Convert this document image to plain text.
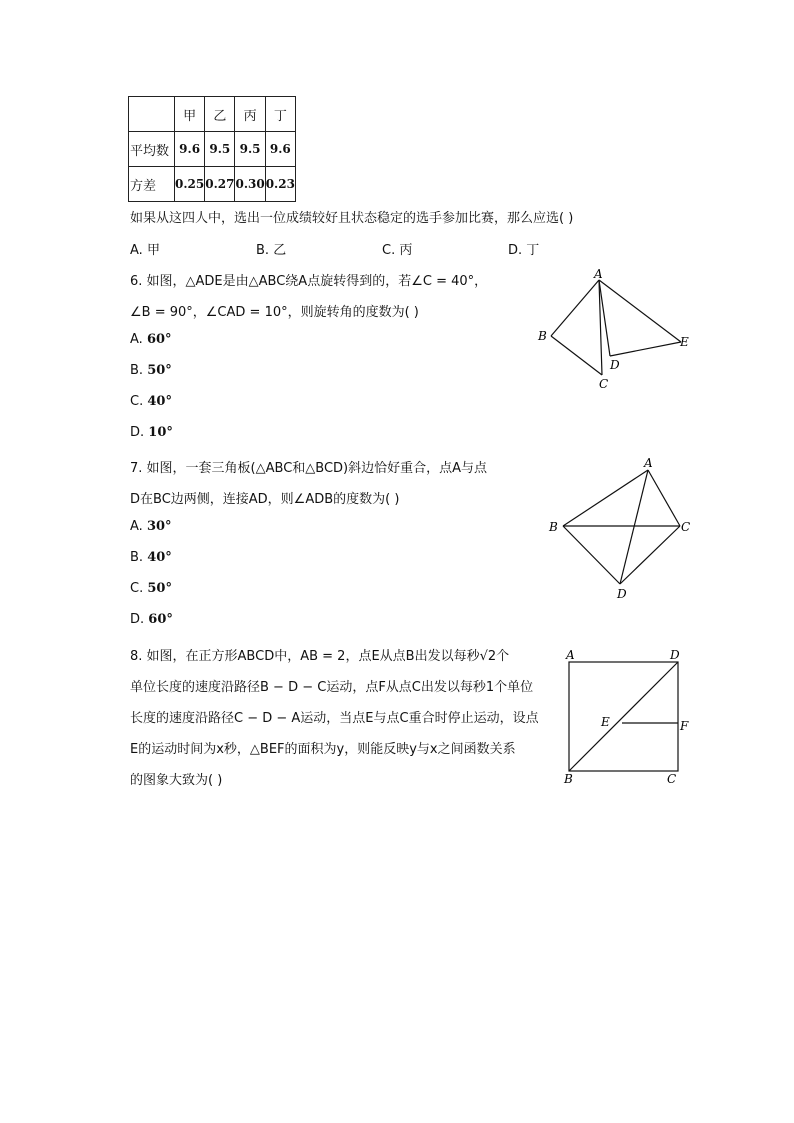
	甲	乙	丙	丁
平均数	9.6	9.5	9.5	9.6
方差	0.25	0.27	0.30	0.23
如果从这四人中，选出一位成绩较好且状态稳定的选手参加比赛，那么应选( )
A. 甲	B. 乙	C. 丙	D. 丁
6. 如图，△ADE是由△ABC绕A点旋转得到的，若∠C = 40°，
∠B = 90°，∠CAD = 10°，则旋转角的度数为( )
A. 60°
B. 50°
C. 40°
D. 10°
A
B
C
D
E
7. 如图，一套三角板(△ABC和△BCD)斜边恰好重合，点A与点
D在BC边两侧，连接AD，则∠ADB的度数为( )
A. 30°
B. 40°
C. 50°
D. 60°
A
B	C
D
8. 如图，在正方形ABCD中，AB = 2，点E从点B出发以每秒√2个
单位长度的速度沿路径B − D − C运动，点F从点C出发以每秒1个单位
长度的速度沿路径C − D − A运动，当点E与点C重合时停止运动，设点
E的运动时间为x秒，△BEF的面积为y，则能反映y与x之间函数关系
的图象大致为( )
A	D
E	F
B	C
